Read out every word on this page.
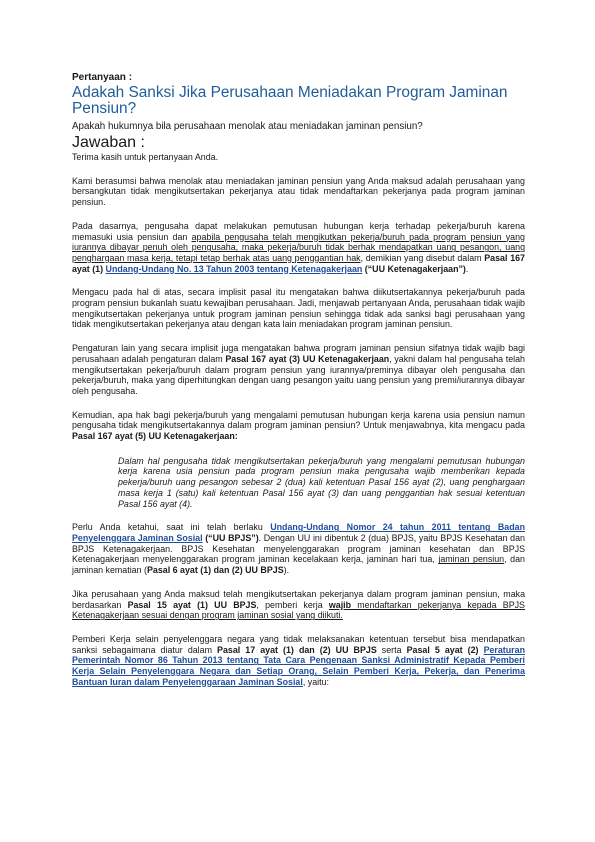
Pertanyaan :
Adakah Sanksi Jika Perusahaan Meniadakan Program Jaminan Pensiun?
Apakah hukumnya bila perusahaan menolak atau meniadakan jaminan pensiun?
Jawaban :

Terima kasih untuk pertanyaan Anda.

Kami berasumsi bahwa menolak atau meniadakan jaminan pensiun yang Anda maksud adalah perusahaan yang bersangkutan tidak mengikutsertakan pekerjanya atau tidak mendaftarkan pekerjanya pada program jaminan pensiun.

Pada dasarnya, pengusaha dapat melakukan pemutusan hubungan kerja terhadap pekerja/buruh karena memasuki usia pensiun dan apabila pengusaha telah mengikutkan pekerja/buruh pada program pensiun yang iurannya dibayar penuh oleh pengusaha, maka pekerja/buruh tidak berhak mendapatkan uang pesangon, uang penghargaan masa kerja, tetapi tetap berhak atas uang penggantian hak, demikian yang disebut dalam Pasal 167 ayat (1) Undang-Undang No. 13 Tahun 2003 tentang Ketenagakerjaan (“UU Ketenagakerjaan”).

Mengacu pada hal di atas, secara implisit pasal itu mengatakan bahwa diikutsertakannya pekerja/buruh pada program pensiun bukanlah suatu kewajiban perusahaan. Jadi, menjawab pertanyaan Anda, perusahaan tidak wajib mengikutsertakan pekerjanya untuk program jaminan pensiun sehingga tidak ada sanksi bagi perusahaan yang tidak mengikutsertakan pekerjanya atau dengan kata lain meniadakan program jaminan pensiun.

Pengaturan lain yang secara implisit juga mengatakan bahwa program jaminan pensiun sifatnya tidak wajib bagi perusahaan adalah pengaturan dalam Pasal 167 ayat (3) UU Ketenagakerjaan, yakni dalam hal pengusaha telah mengikutsertakan pekerja/buruh dalam program pensiun yang iurannya/preminya dibayar oleh pengusaha dan pekerja/buruh, maka yang diperhitungkan dengan uang pesangon yaitu uang pensiun yang premi/iurannya dibayar oleh pengusaha.

Kemudian, apa hak bagi pekerja/buruh yang mengalami pemutusan hubungan kerja karena usia pensiun namun pengusaha tidak mengikutsertakannya dalam program jaminan pensiun? Untuk menjawabnya, kita mengacu pada Pasal 167 ayat (5) UU Ketenagakerjaan:

Dalam hal pengusaha tidak mengikutsertakan pekerja/buruh yang mengalami pemutusan hubungan kerja karena usia pensiun pada program pensiun maka pengusaha wajib memberikan kepada pekerja/buruh uang pesangon sebesar 2 (dua) kali ketentuan Pasal 156 ayat (2), uang penghargaan masa kerja 1 (satu) kali ketentuan Pasal 156 ayat (3) dan uang penggantian hak sesuai ketentuan Pasal 156 ayat (4).

Perlu Anda ketahui, saat ini telah berlaku Undang-Undang Nomor 24 tahun 2011 tentang Badan Penyelenggara Jaminan Sosial (“UU BPJS”). Dengan UU ini dibentuk 2 (dua) BPJS, yaitu BPJS Kesehatan dan BPJS Ketenagakerjaan. BPJS Kesehatan menyelenggarakan program jaminan kesehatan dan BPJS Ketenagakerjaan menyelenggarakan program jaminan kecelakaan kerja, jaminan hari tua, jaminan pensiun, dan jaminan kematian (Pasal 6 ayat (1) dan (2) UU BPJS).

Jika perusahaan yang Anda maksud telah mengikutsertakan pekerjanya dalam program jaminan pensiun, maka berdasarkan Pasal 15 ayat (1) UU BPJS, pemberi kerja wajib mendaftarkan pekerjanya kepada BPJS Ketenagakerjaan sesuai dengan program jaminan sosial yang diikuti.

Pemberi Kerja selain penyelenggara negara yang tidak melaksanakan ketentuan tersebut bisa mendapatkan sanksi sebagaimana diatur dalam Pasal 17 ayat (1) dan (2) UU BPJS serta Pasal 5 ayat (2) Peraturan Pemerintah Nomor 86 Tahun 2013 tentang Tata Cara Pengenaan Sanksi Administratif Kepada Pemberi Kerja Selain Penyelenggara Negara dan Setiap Orang, Selain Pemberi Kerja, Pekerja, dan Penerima Bantuan Iuran dalam Penyelenggaraan Jaminan Sosial, yaitu:
